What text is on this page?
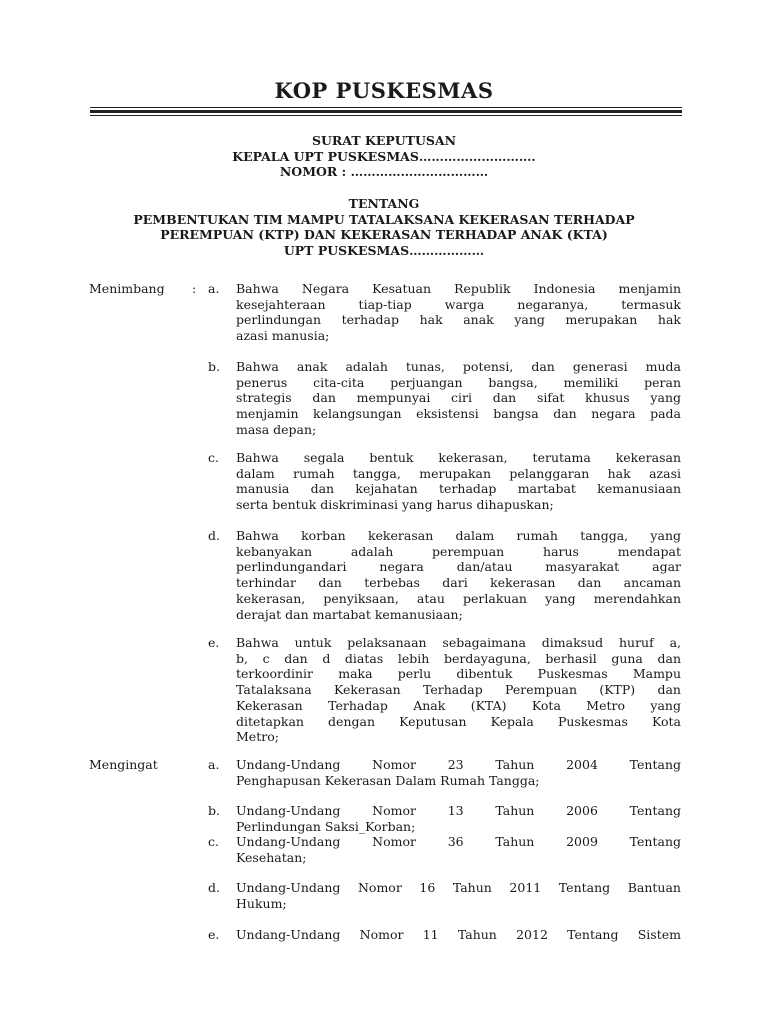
KOP PUSKESMAS
SURAT KEPUTUSAN
KEPALA UPT PUSKESMAS……………………….
NOMOR : ……………………………
TENTANG
PEMBENTUKAN TIM MAMPU TATALAKSANA KEKERASAN TERHADAP
PEREMPUAN (KTP) DAN KEKERASAN TERHADAP ANAK (KTA)
UPT PUSKESMAS………………
Menimbang : a.	Bahwa Negara Kesatuan Republik Indonesia menjamin
kesejahteraan tiap-tiap warga negaranya, termasuk
perlindungan terhadap hak anak yang merupakan hak
azasi manusia;
b.	Bahwa anak adalah tunas, potensi, dan generasi muda
penerus cita-cita perjuangan bangsa, memiliki peran
strategis dan mempunyai ciri dan sifat khusus yang
menjamin kelangsungan eksistensi bangsa dan negara pada
masa depan;
c.	Bahwa segala bentuk kekerasan, terutama kekerasan
dalam rumah tangga, merupakan pelanggaran hak azasi
manusia dan kejahatan terhadap martabat kemanusiaan
serta bentuk diskriminasi yang harus dihapuskan;
d.	Bahwa korban kekerasan dalam rumah tangga, yang
kebanyakan adalah perempuan harus mendapat
perlindungandari negara dan/atau masyarakat agar
terhindar dan terbebas dari kekerasan dan ancaman
kekerasan, penyiksaan, atau perlakuan yang merendahkan
derajat dan martabat kemanusiaan;
e.	Bahwa untuk pelaksanaan sebagaimana dimaksud huruf a,
b, c dan d diatas lebih berdayaguna, berhasil guna dan
terkoordinir maka perlu dibentuk Puskesmas Mampu
Tatalaksana Kekerasan Terhadap Perempuan (KTP) dan
Kekerasan Terhadap Anak (KTA) Kota Metro yang
ditetapkan dengan Keputusan Kepala Puskesmas Kota
Metro;
Mengingat	a.	Undang-Undang Nomor 23 Tahun 2004 Tentang
Penghapusan Kekerasan Dalam Rumah Tangga;
b.	Undang-Undang Nomor 13 Tahun 2006 Tentang
Perlindungan Saksi_Korban;
c.	Undang-Undang Nomor 36 Tahun 2009 Tentang
Kesehatan;
d.	Undang-Undang Nomor 16 Tahun 2011 Tentang Bantuan
Hukum;
e.	Undang-Undang Nomor 11 Tahun 2012 Tentang Sistem
